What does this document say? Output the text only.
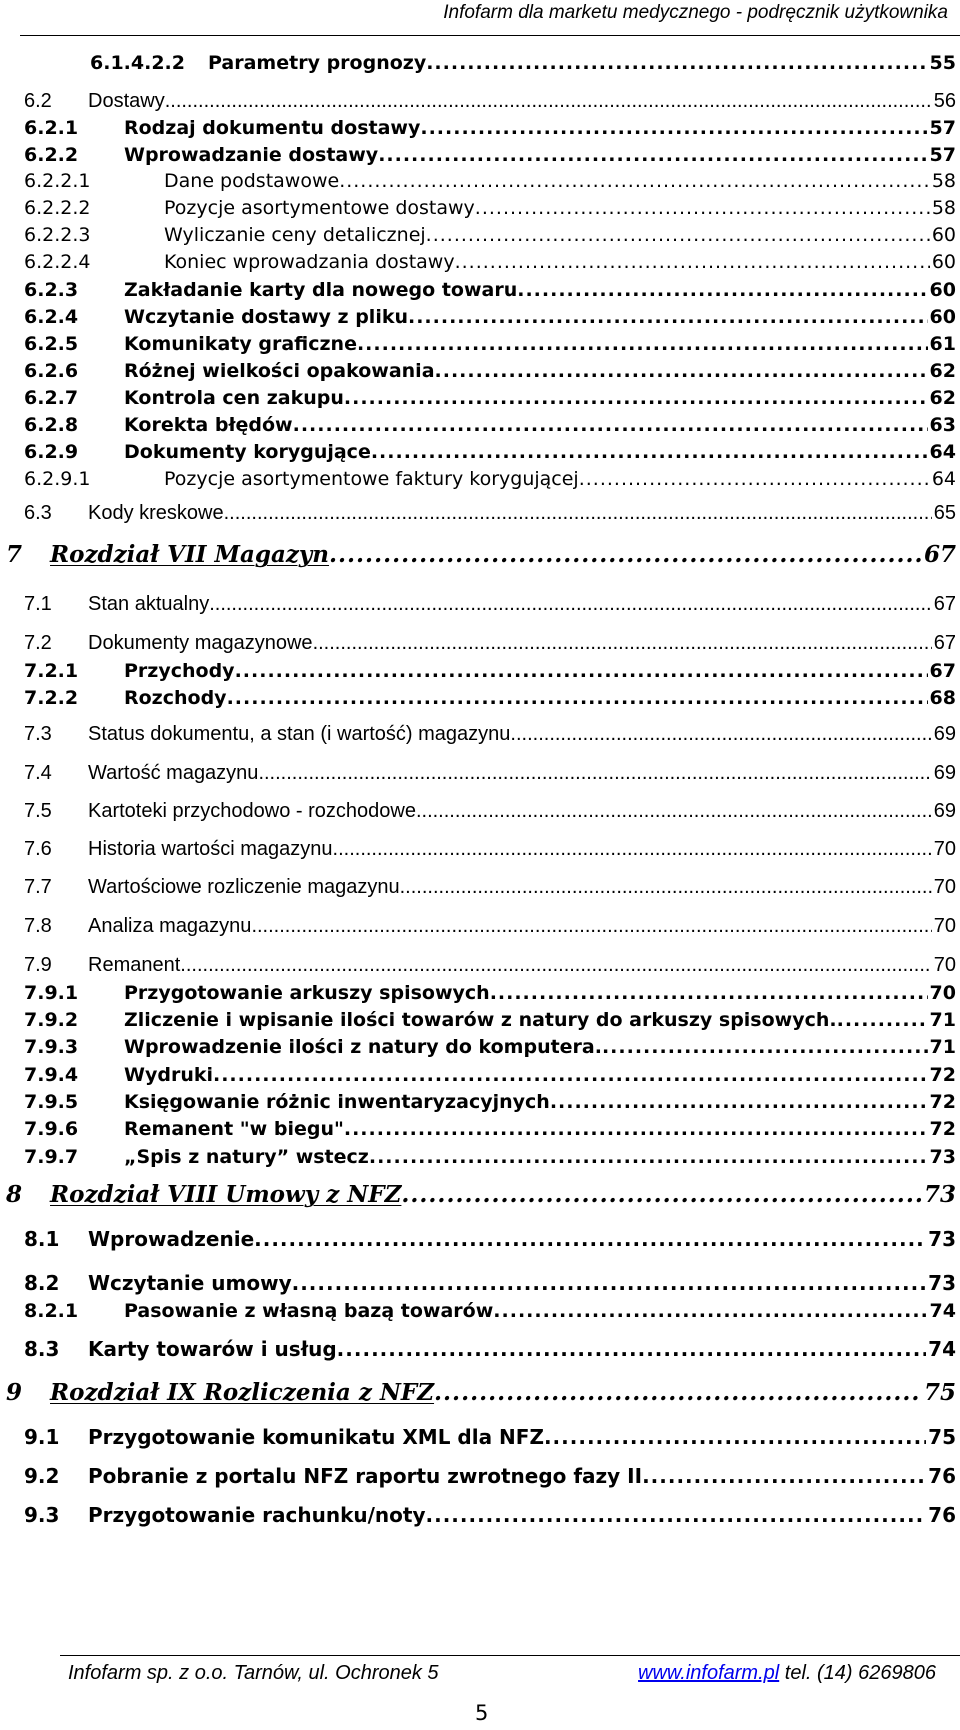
Infofarm dla marketu medycznego - podręcznik użytkownika
6.1.4.2.2	Parametry prognozy .....	55
6.2	Dostawy .....	56
6.2.1	Rodzaj dokumentu dostawy .....	57
6.2.2	Wprowadzanie dostawy .....	57
6.2.2.1	Dane podstawowe .....	58
6.2.2.2	Pozycje asortymentowe dostawy .....	58
6.2.2.3	Wyliczanie ceny detalicznej .....	60
6.2.2.4	Koniec wprowadzania dostawy .....	60
6.2.3	Zakładanie karty dla nowego towaru .....	60
6.2.4	Wczytanie dostawy z pliku .....	60
6.2.5	Komunikaty graficzne .....	61
6.2.6	Różnej wielkości opakowania .....	62
6.2.7	Kontrola cen zakupu .....	62
6.2.8	Korekta błędów .....	63
6.2.9	Dokumenty korygujące .....	64
6.2.9.1	Pozycje asortymentowe faktury korygującej .....	64
6.3	Kody kreskowe .....	65
7	Rozdział VII Magazyn .....	67
7.1	Stan aktualny .....	67
7.2	Dokumenty magazynowe .....	67
7.2.1	Przychody .....	67
7.2.2	Rozchody .....	68
7.3	Status dokumentu, a stan (i wartość) magazynu .....	69
7.4	Wartość magazynu .....	69
7.5	Kartoteki przychodowo - rozchodowe .....	69
7.6	Historia wartości magazynu .....	70
7.7	Wartościowe rozliczenie magazynu .....	70
7.8	Analiza magazynu .....	70
7.9	Remanent .....	70
7.9.1	Przygotowanie arkuszy spisowych .....	70
7.9.2	Zliczenie i wpisanie ilości towarów z natury do arkuszy spisowych. .....	71
7.9.3	Wprowadzenie ilości z natury do komputera. .....	71
7.9.4	Wydruki .....	72
7.9.5	Księgowanie różnic inwentaryzacyjnych .....	72
7.9.6	Remanent "w biegu" .....	72
7.9.7	„Spis z natury” wstecz .....	73
8	Rozdział VIII Umowy z NFZ .....	73
8.1	Wprowadzenie .....	73
8.2	Wczytanie umowy .....	73
8.2.1	Pasowanie z własną bazą towarów .....	74
8.3	Karty towarów i usług .....	74
9	Rozdział IX Rozliczenia z NFZ .....	75
9.1	Przygotowanie komunikatu XML dla NFZ .....	75
9.2	Pobranie z portalu NFZ raportu zwrotnego fazy II .....	76
9.3	Przygotowanie rachunku/noty .....	76
Infofarm sp. z o.o. Tarnów, ul. Ochronek 5	www.infofarm.pl tel. (14) 6269806
5
